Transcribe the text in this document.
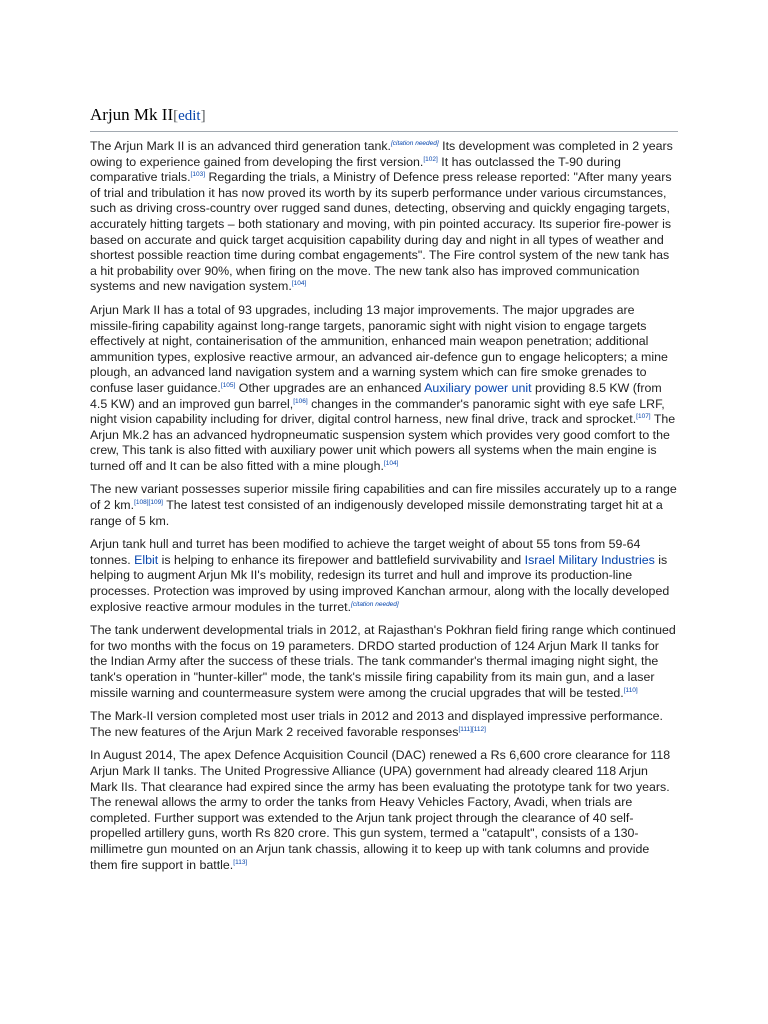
Arjun Mk II[edit]

The Arjun Mark II is an advanced third generation tank.[citation needed] Its development was completed in 2 years owing to experience gained from developing the first version.[102] It has outclassed the T-90 during comparative trials.[103] Regarding the trials, a Ministry of Defence press release reported: "After many years of trial and tribulation it has now proved its worth by its superb performance under various circumstances, such as driving cross-country over rugged sand dunes, detecting, observing and quickly engaging targets, accurately hitting targets – both stationary and moving, with pin pointed accuracy. Its superior fire-power is based on accurate and quick target acquisition capability during day and night in all types of weather and shortest possible reaction time during combat engagements". The Fire control system of the new tank has a hit probability over 90%, when firing on the move. The new tank also has improved communication systems and new navigation system.[104]

Arjun Mark II has a total of 93 upgrades, including 13 major improvements. The major upgrades are missile-firing capability against long-range targets, panoramic sight with night vision to engage targets effectively at night, containerisation of the ammunition, enhanced main weapon penetration; additional ammunition types, explosive reactive armour, an advanced air-defence gun to engage helicopters; a mine plough, an advanced land navigation system and a warning system which can fire smoke grenades to confuse laser guidance.[105] Other upgrades are an enhanced Auxiliary power unit providing 8.5 KW (from 4.5 KW) and an improved gun barrel,[106] changes in the commander's panoramic sight with eye safe LRF, night vision capability including for driver, digital control harness, new final drive, track and sprocket.[107] The Arjun Mk.2 has an advanced hydropneumatic suspension system which provides very good comfort to the crew, This tank is also fitted with auxiliary power unit which powers all systems when the main engine is turned off and It can be also fitted with a mine plough.[104]

The new variant possesses superior missile firing capabilities and can fire missiles accurately up to a range of 2 km.[108][109] The latest test consisted of an indigenously developed missile demonstrating target hit at a range of 5 km.

Arjun tank hull and turret has been modified to achieve the target weight of about 55 tons from 59-64 tonnes. Elbit is helping to enhance its firepower and battlefield survivability and Israel Military Industries is helping to augment Arjun Mk II's mobility, redesign its turret and hull and improve its production-line processes. Protection was improved by using improved Kanchan armour, along with the locally developed explosive reactive armour modules in the turret.[citation needed]

The tank underwent developmental trials in 2012, at Rajasthan's Pokhran field firing range which continued for two months with the focus on 19 parameters. DRDO started production of 124 Arjun Mark II tanks for the Indian Army after the success of these trials. The tank commander's thermal imaging night sight, the tank's operation in "hunter-killer" mode, the tank's missile firing capability from its main gun, and a laser missile warning and countermeasure system were among the crucial upgrades that will be tested.[110]

The Mark-II version completed most user trials in 2012 and 2013 and displayed impressive performance. The new features of the Arjun Mark 2 received favorable responses[111][112]

In August 2014, The apex Defence Acquisition Council (DAC) renewed a Rs 6,600 crore clearance for 118 Arjun Mark II tanks. The United Progressive Alliance (UPA) government had already cleared 118 Arjun Mark IIs. That clearance had expired since the army has been evaluating the prototype tank for two years. The renewal allows the army to order the tanks from Heavy Vehicles Factory, Avadi, when trials are completed. Further support was extended to the Arjun tank project through the clearance of 40 self-propelled artillery guns, worth Rs 820 crore. This gun system, termed a "catapult", consists of a 130-millimetre gun mounted on an Arjun tank chassis, allowing it to keep up with tank columns and provide them fire support in battle.[113]
